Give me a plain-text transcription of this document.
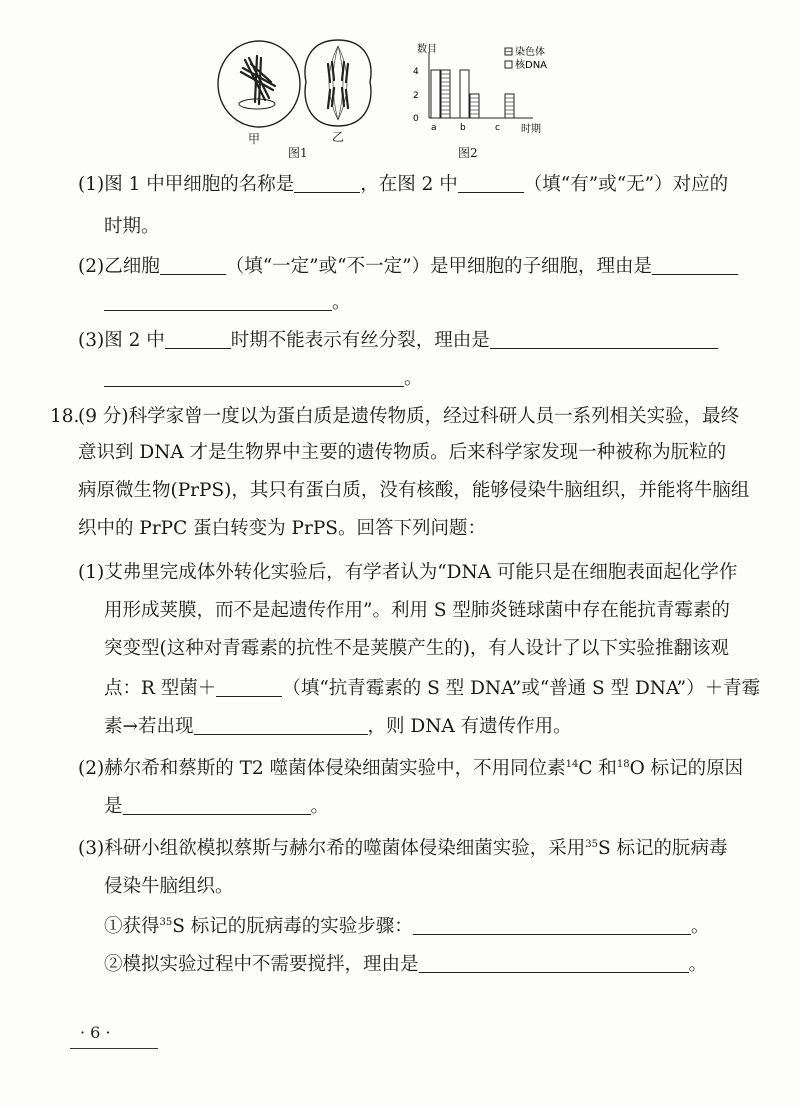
甲	乙
图1
数目
4
2
0
a	b	c 时期
染色体
核DNA
图2
(1)图 1 中甲细胞的名称是	，在图 2 中	（填“有”或“无”）对应的
时期。
(2)乙细胞	（填“一定”或“不一定”）是甲细胞的子细胞，理由是
。
(3)图 2 中	时期不能表示有丝分裂，理由是
。
18.
(9 分)科学家曾一度以为蛋白质是遗传物质，经过科研人员一系列相关实验，最终
意识到 DNA 才是生物界中主要的遗传物质。后来科学家发现一种被称为朊粒的
病原微生物(PrPS)，其只有蛋白质，没有核酸，能够侵染牛脑组织，并能将牛脑组
织中的 PrPC 蛋白转变为 PrPS。回答下列问题：
(1)艾弗里完成体外转化实验后，有学者认为“DNA 可能只是在细胞表面起化学作
用形成荚膜，而不是起遗传作用”。利用 S 型肺炎链球菌中存在能抗青霉素的
突变型(这种对青霉素的抗性不是荚膜产生的)，有人设计了以下实验推翻该观
点：R 型菌＋	（填“抗青霉素的 S 型 DNA”或“普通 S 型 DNA”）＋青霉
素→若出现	，则 DNA 有遗传作用。
(2)赫尔希和蔡斯的 T2 噬菌体侵染细菌实验中，不用同位素$^{14}$C 和$^{18}$O 标记的原因
是	。
(3)科研小组欲模拟蔡斯与赫尔希的噬菌体侵染细菌实验，采用$^{35}$S 标记的朊病毒
侵染牛脑组织。
①获得$^{35}$S 标记的朊病毒的实验步骤：	。
②模拟实验过程中不需要搅拌，理由是	。
· 6 ·
